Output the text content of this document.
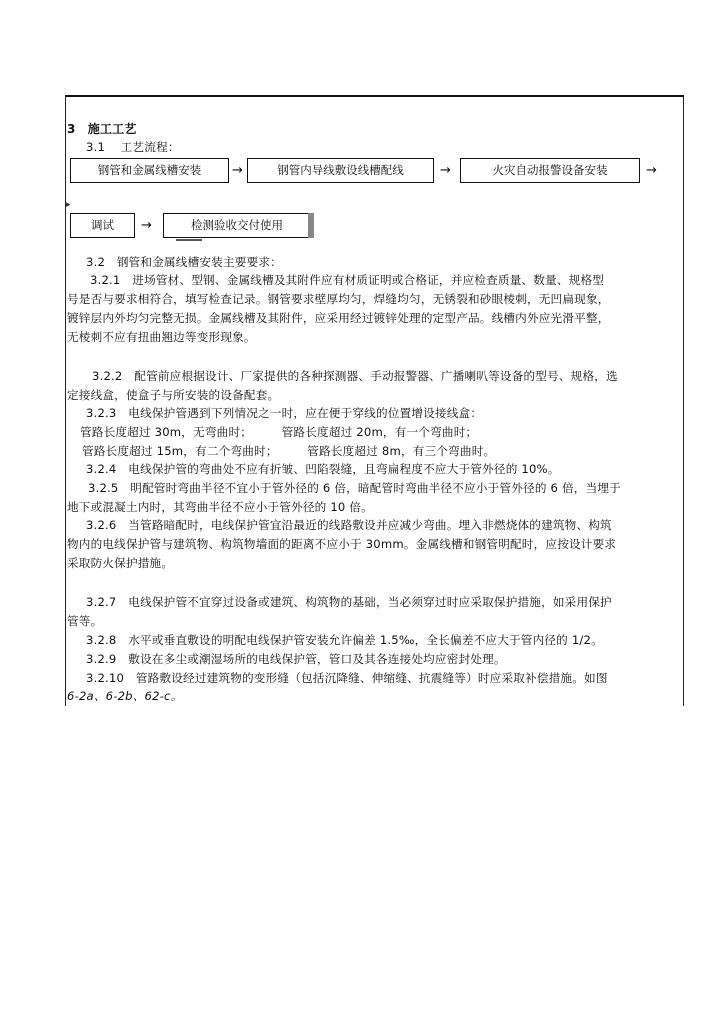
3　施工工艺
3.1　 工艺流程：
钢管和金属线槽安装	→	钢管内导线敷设线槽配线	→	火灾自动报警设备安装	→
▸
调试	→	检测验收交付使用
3.2　钢管和金属线槽安装主要要求：
3.2.1　进场管材、型钢、金属线槽及其附件应有材质证明或合格证，并应检查质量、数量、规格型
号是否与要求相符合，填写检查记录。钢管要求壁厚均匀，焊缝均匀，无锈裂和砂眼棱刺，无凹扁现象，
镀锌层内外均匀完整无损。金属线槽及其附件，应采用经过镀锌处理的定型产品。线槽内外应光滑平整，
无棱刺不应有扭曲翘边等变形现象。
3.2.2　配管前应根据设计、厂家提供的各种探测器、手动报警器、广播喇叭等设备的型号、规格，选
定接线盒，使盒子与所安装的设备配套。
3.2.3　电线保护管遇到下列情况之一时，应在便于穿线的位置增设接线盒：
管路长度超过 30m，无弯曲时；　　　管路长度超过 20m，有一个弯曲时；
管路长度超过 15m，有二个弯曲时；　　　管路长度超过 8m，有三个弯曲时。
3.2.4　电线保护管的弯曲处不应有折皱、凹陷裂缝，且弯扁程度不应大于管外径的 10%。
3.2.5　明配管时弯曲半径不宜小于管外径的 6 倍，暗配管时弯曲半径不应小于管外径的 6 倍，当埋于
地下或混凝土内时，其弯曲半径不应小于管外径的 10 倍。
3.2.6　当管路暗配时，电线保护管宜沿最近的线路敷设并应减少弯曲。埋入非燃烧体的建筑物、构筑
物内的电线保护管与建筑物、构筑物墙面的距离不应小于 30mm。金属线槽和钢管明配时，应按设计要求
采取防火保护措施。
3.2.7　电线保护管不宜穿过设备或建筑、构筑物的基础，当必须穿过时应采取保护措施，如采用保护
管等。
3.2.8　水平或垂直敷设的明配电线保护管安装允许偏差 1.5‰，全长偏差不应大于管内径的 1/2。
3.2.9　敷设在多尘或潮湿场所的电线保护管，管口及其各连接处均应密封处理。
3.2.10　管路敷设经过建筑物的变形缝（包括沉降缝、伸缩缝、抗震缝等）时应采取补偿措施。如图
6-2a、6-2b、62-c。
